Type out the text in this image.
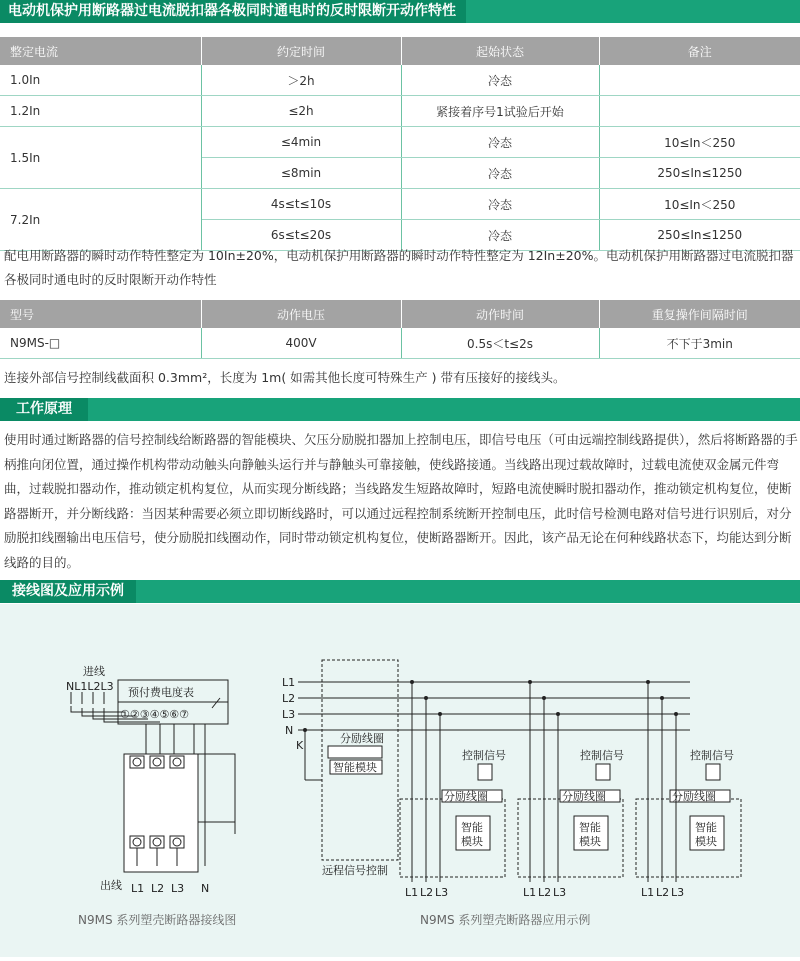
电动机保护用断路器过电流脱扣器各极同时通电时的反时限断开动作特性
整定电流	约定时间	起始状态	备注
1.0In	＞2h	冷态	
1.2In	≤2h	紧接着序号1试验后开始	
1.5In	≤4min	冷态	10≤In＜250
	≤8min	冷态	250≤In≤1250
7.2In	4s≤t≤10s	冷态	10≤In＜250
	6s≤t≤20s	冷态	250≤In≤1250
配电用断路器的瞬时动作特性整定为 10In±20%，电动机保护用断路器的瞬时动作特性整定为 12In±20%。电动机保护用断路器过电流脱扣器各极同时通电时的反时限断开动作特性
型号	动作电压	动作时间	重复操作间隔时间
N9MS-□	400V	0.5s＜t≤2s	不下于3min
连接外部信号控制线截面积 0.3mm²，长度为 1m( 如需其他长度可特殊生产 ) 带有压接好的接线头。
工作原理
使用时通过断路器的信号控制线给断路器的智能模块、欠压分励脱扣器加上控制电压，即信号电压（可由远端控制线路提供），然后将断路器的手柄推向闭位置，通过操作机构带动动触头向静触头运行并与静触头可靠接触，使线路接通。当线路出现过载故障时，过载电流使双金属元件弯曲，过载脱扣器动作，推动锁定机构复位，从而实现分断线路；当线路发生短路故障时，短路电流使瞬时脱扣器动作，推动锁定机构复位，使断路器断开，并分断线路：当因某种需要必须立即切断线路时，可以通过远程控制系统断开控制电压，此时信号检测电路对信号进行识别后，对分励脱扣线圈输出电压信号，使分励脱扣线圈动作，同时带动锁定机构复位，使断路器断开。因此，该产品无论在何种线路状态下，均能达到分断线路的目的。
接线图及应用示例
进线
NL1L2L3 预付费电度表
①②③④⑤⑥⑦
出线 L1 L2 L3 N
N9MS 系列塑壳断路器接线图
L1
L2
L3
N
K
分励线圈
智能模块
远程信号控制
控制信号	控制信号	控制信号
分励线圈	分励线圈	分励线圈
智能
模块
智能
模块
智能
模块
L1 L2 L3	L1 L2 L3	L1 L2 L3
N9MS 系列塑壳断路器应用示例
